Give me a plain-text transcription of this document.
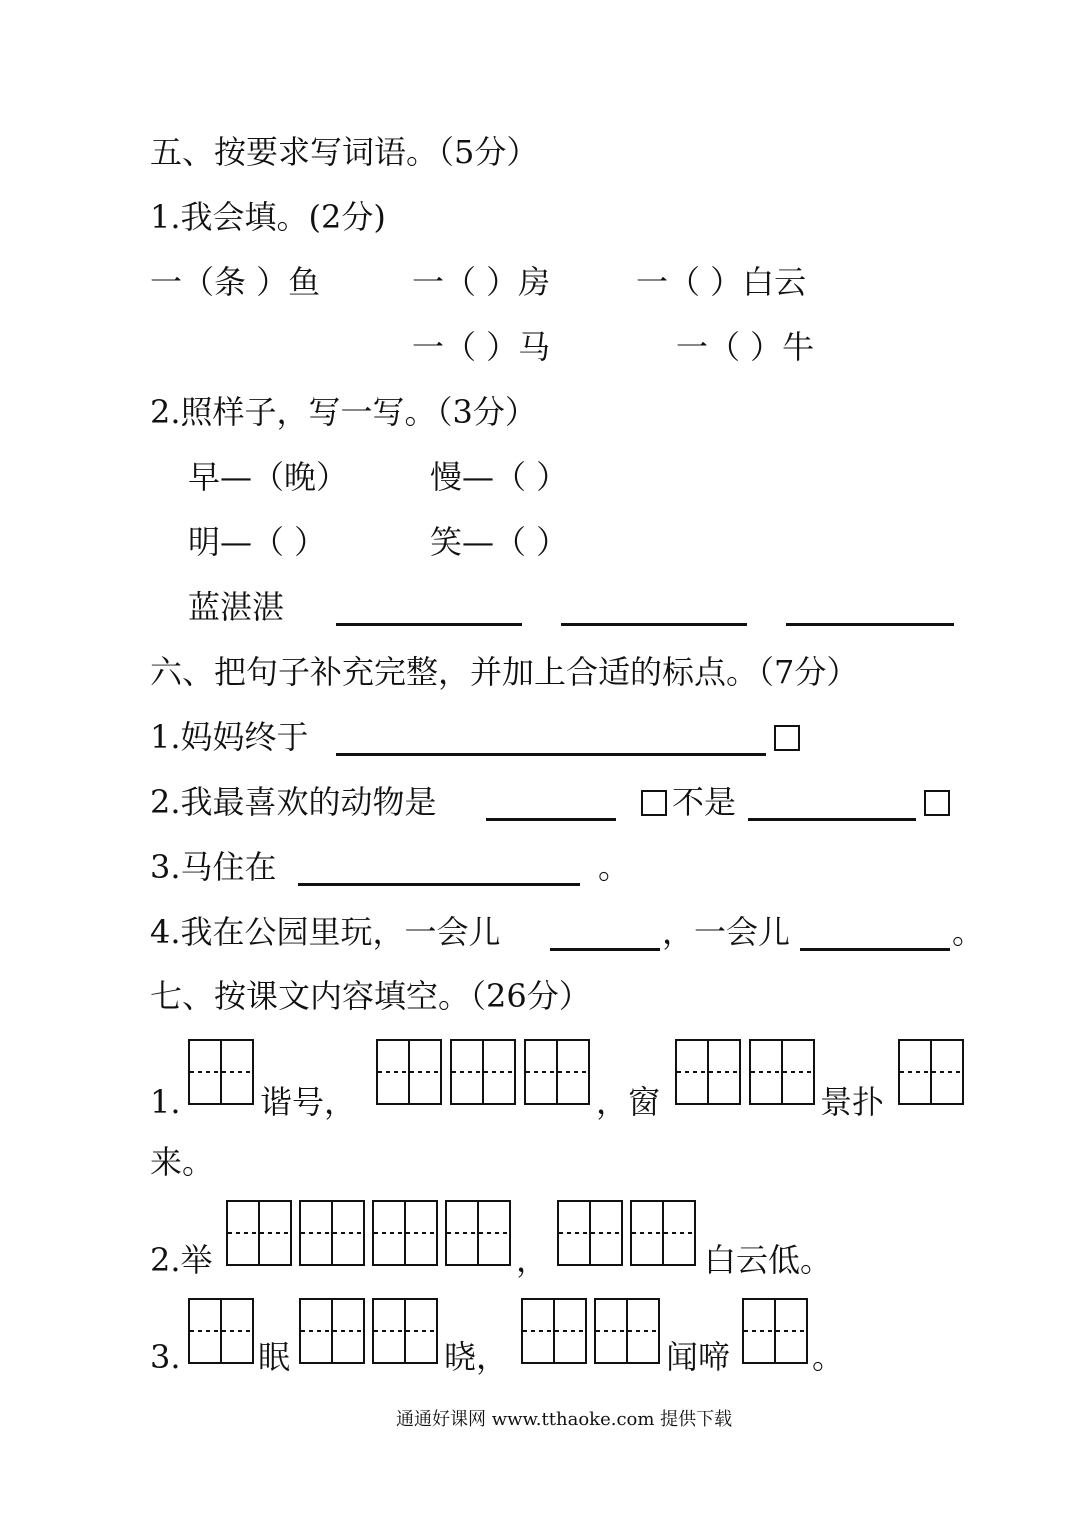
五、按要求写词语。（5分）
1.我会填。(2分)
一（条 ）鱼	一（ ）房	一（ ）白云
一（ ）马	一（ ）牛
2.照样子，写一写。（3分）
早—（晚）	慢—（ ）
明—（ ）	笑—（ ）
蓝湛湛
六、把句子补充完整，并加上合适的标点。（7分）
1.妈妈终于
2.我最喜欢的动物是	不是
3.马住在	。
4.我在公园里玩，一会儿	，一会儿	。
七、按课文内容填空。（26分）
1. 谐号，	，窗	景扑
来。
2.举	，	白云低。
3. 眠	晓，	闻啼	。
通通好课网 www.tthaoke.com 提供下载
